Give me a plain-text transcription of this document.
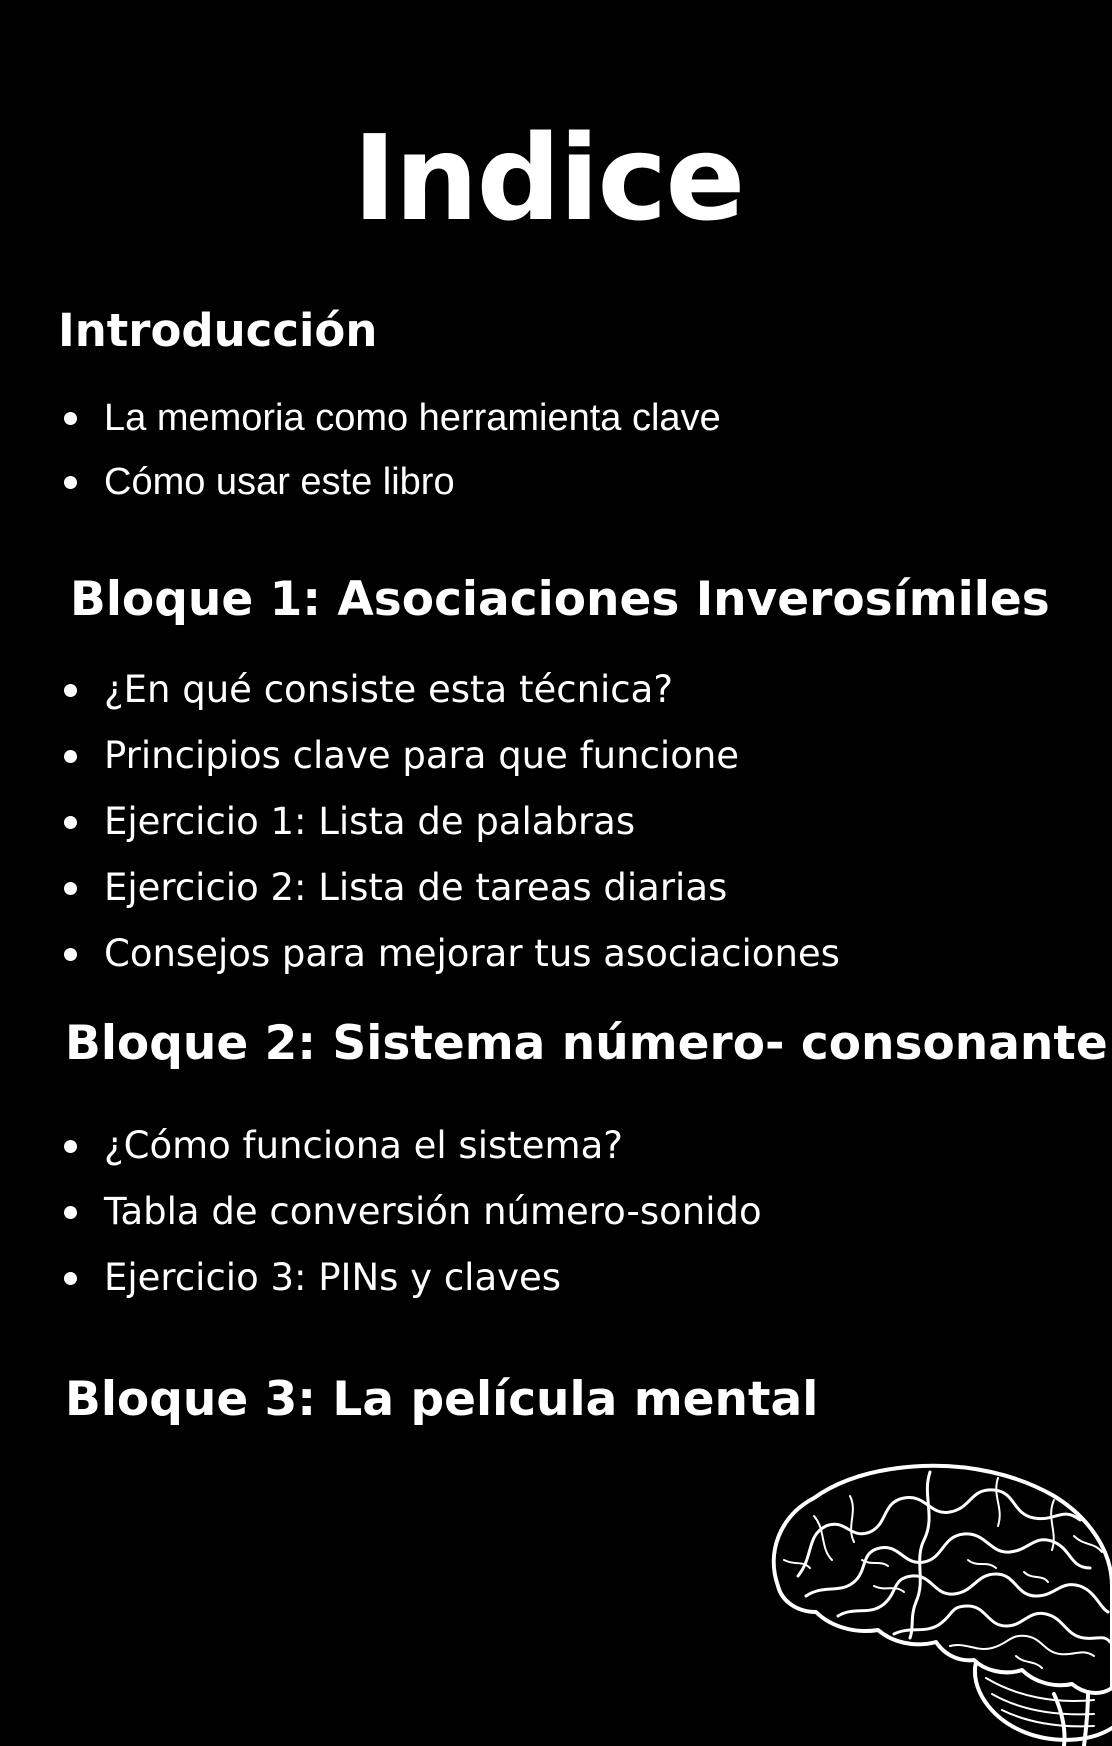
Indice
Introducción
La memoria como herramienta clave
Cómo usar este libro
Bloque 1: Asociaciones Inverosímiles
¿En qué consiste esta técnica?
Principios clave para que funcione
Ejercicio 1: Lista de palabras
Ejercicio 2: Lista de tareas diarias
Consejos para mejorar tus asociaciones
Bloque 2: Sistema número- consonante
¿Cómo funciona el sistema?
Tabla de conversión número-sonido
Ejercicio 3: PINs y claves
Bloque 3: La película mental
